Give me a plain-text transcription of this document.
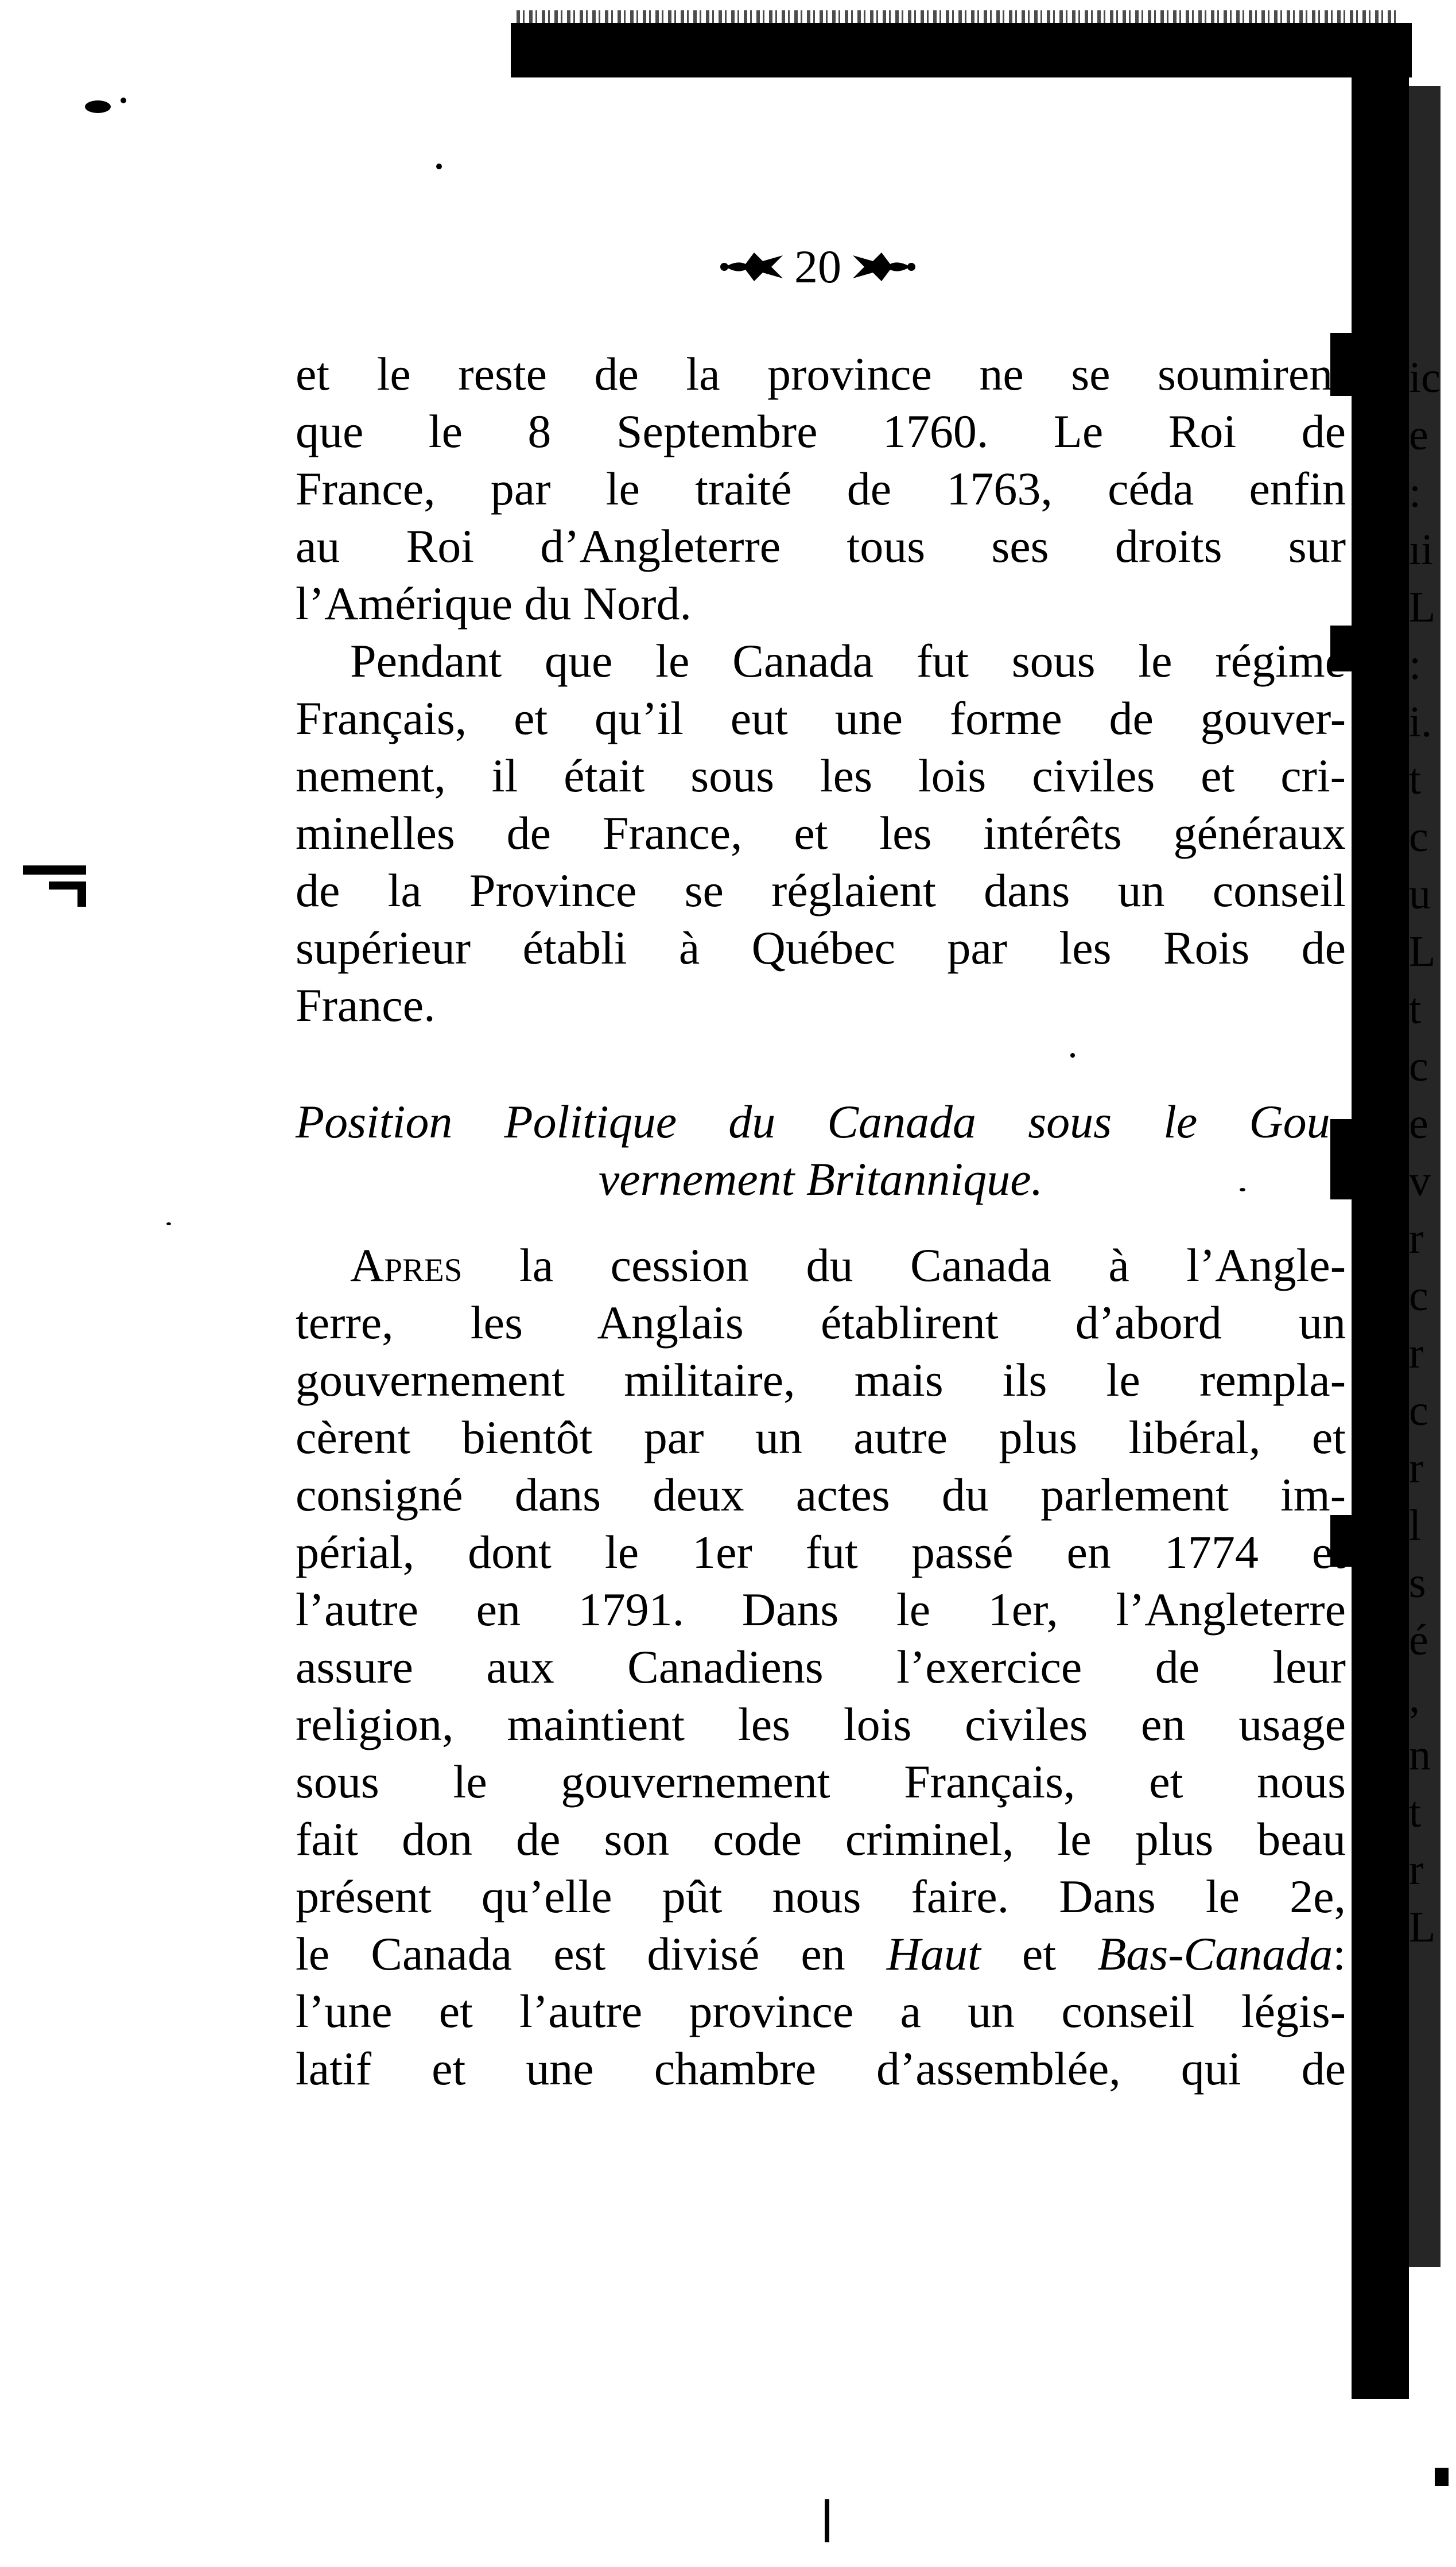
ic
e
:
ıi
L
:
i.
t
c
u
L
t
c
e
v
r
c
r
c
r
l
s
é
,
n
t
r
L
20
et le reste de la province ne se soumirent
que le 8 Septembre 1760. Le Roi de
France, par le traité de 1763, céda enfin
au Roi d’Angleterre tous ses droits sur
l’Amérique du Nord.
Pendant que le Canada fut sous le régime
Français, et qu’il eut une forme de gouver-
nement, il était sous les lois civiles et cri-
minelles de France, et les intérêts généraux
de la Province se réglaient dans un conseil
supérieur établi à Québec par les Rois de
France.
Position Politique du Canada sous le Gou-
vernement Britannique.
Apres la cession du Canada à l’Angle-
terre, les Anglais établirent d’abord un
gouvernement militaire, mais ils le rempla-
cèrent bientôt par un autre plus libéral, et
consigné dans deux actes du parlement im-
périal, dont le 1er fut passé en 1774 et
l’autre en 1791. Dans le 1er, l’Angleterre
assure aux Canadiens l’exercice de leur
religion, maintient les lois civiles en usage
sous le gouvernement Français, et nous
fait don de son code criminel, le plus beau
présent qu’elle pût nous faire. Dans le 2e,
le Canada est divisé en Haut et Bas-Canada:
l’une et l’autre province a un conseil légis-
latif et une chambre d’assemblée, qui de
